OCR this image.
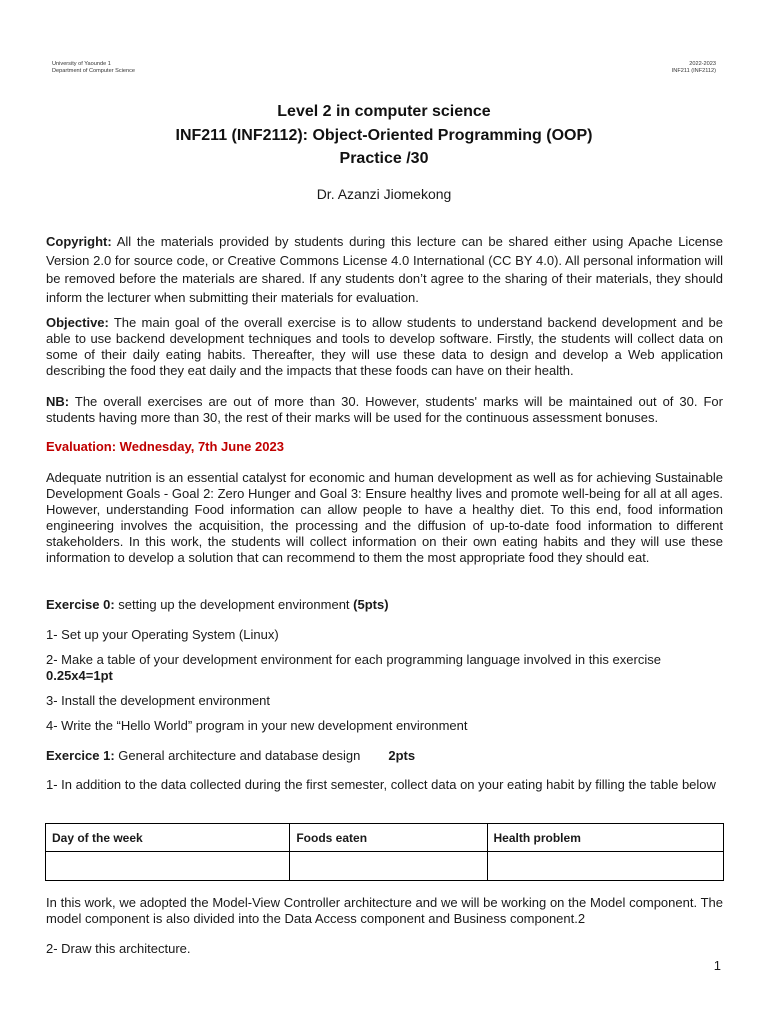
University of Yaounde 1
Department of Computer Science
2022-2023
INF211 (INF2112)
Level 2 in computer science
INF211 (INF2112): Object-Oriented Programming (OOP)
Practice /30
Dr. Azanzi Jiomekong

Copyright: All the materials provided by students during this lecture can be shared either using Apache License Version 2.0 for source code, or Creative Commons License 4.0 International (CC BY 4.0). All personal information will be removed before the materials are shared. If any students don’t agree to the sharing of their materials, they should inform the lecturer when submitting their materials for evaluation.

Objective: The main goal of the overall exercise is to allow students to understand backend development and be able to use backend development techniques and tools to develop software. Firstly, the students will collect data on some of their daily eating habits. Thereafter, they will use these data to design and develop a Web application describing the food they eat daily and the impacts that these foods can have on their health.

NB: The overall exercises are out of more than 30. However, students' marks will be maintained out of 30. For students having more than 30, the rest of their marks will be used for the continuous assessment bonuses.

Evaluation: Wednesday, 7th June 2023

Adequate nutrition is an essential catalyst for economic and human development as well as for achieving Sustainable Development Goals - Goal 2: Zero Hunger and Goal 3: Ensure healthy lives and promote well-being for all at all ages. However, understanding Food information can allow people to have a healthy diet. To this end, food information engineering involves the acquisition, the processing and the diffusion of up-to-date food information to different stakeholders. In this work, the students will collect information on their own eating habits and they will use these information to develop a solution that can recommend to them the most appropriate food they should eat.

Exercise 0: setting up the development environment (5pts)

1- Set up your Operating System (Linux)

2- Make a table of your development environment for each programming language involved in this exercise

0.25x4=1pt

3- Install the development environment

4- Write the “Hello World” program in your new development environment

Exercice 1: General architecture and database design 2pts

1- In addition to the data collected during the first semester, collect data on your eating habit by filling the table below

Day of the week	Foods eaten	Health problem

In this work, we adopted the Model-View Controller architecture and we will be working on the Model component. The model component is also divided into the Data Access component and Business component.2

2- Draw this architecture.

1
